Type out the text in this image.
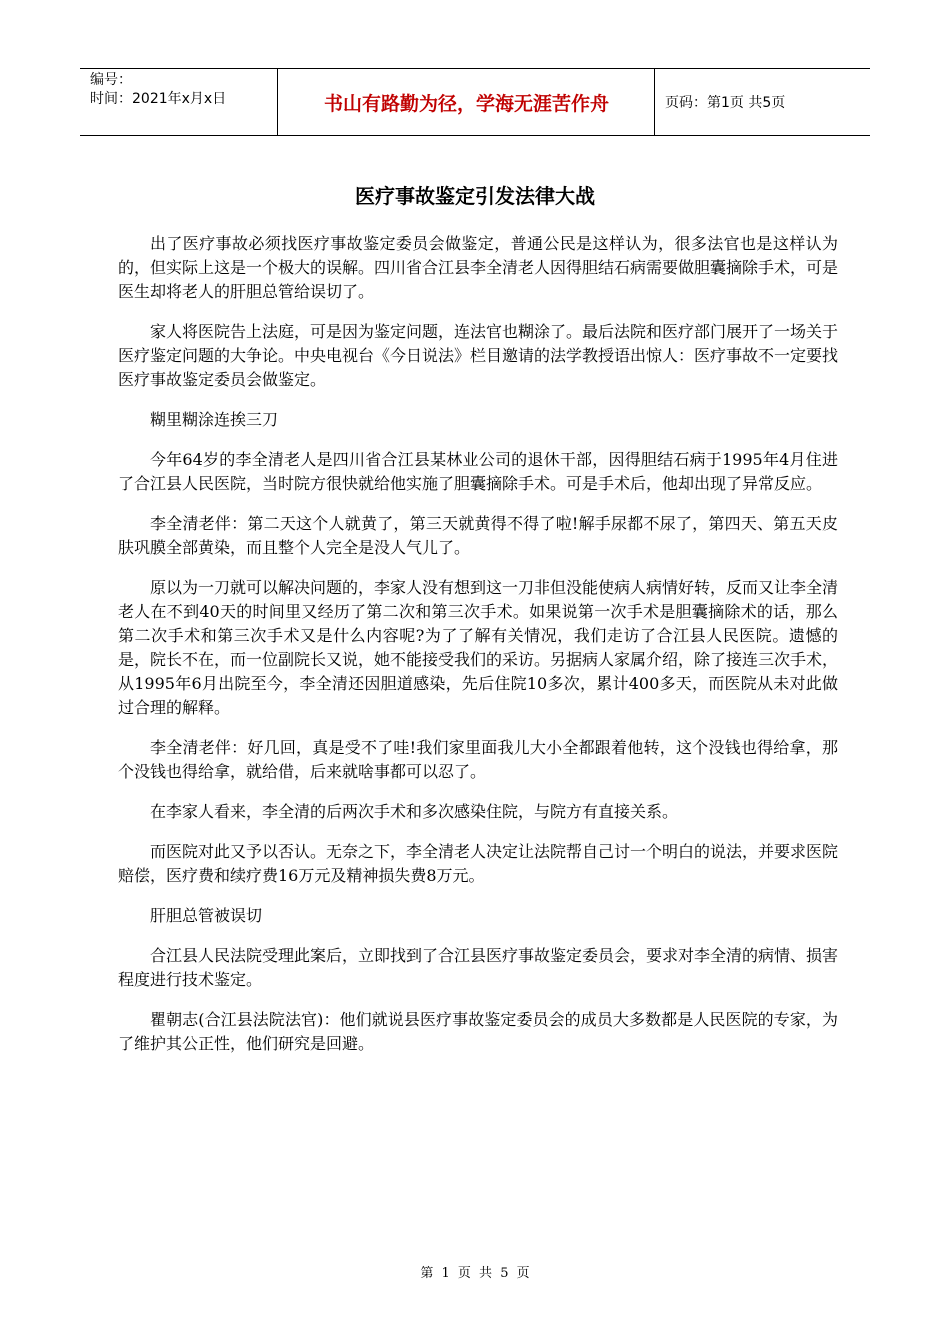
编号：
时间：2021年x月x日	书山有路勤为径，学海无涯苦作舟	页码：第1页 共5页
医疗事故鉴定引发法律大战

出了医疗事故必须找医疗事故鉴定委员会做鉴定，普通公民是这样认为，很多法官也是这样认为的，但实际上这是一个极大的误解。四川省合江县李全清老人因得胆结石病需要做胆囊摘除手术，可是医生却将老人的肝胆总管给误切了。

家人将医院告上法庭，可是因为鉴定问题，连法官也糊涂了。最后法院和医疗部门展开了一场关于医疗鉴定问题的大争论。中央电视台《今日说法》栏目邀请的法学教授语出惊人：医疗事故不一定要找医疗事故鉴定委员会做鉴定。

糊里糊涂连挨三刀

今年64岁的李全清老人是四川省合江县某林业公司的退休干部，因得胆结石病于1995年4月住进了合江县人民医院，当时院方很快就给他实施了胆囊摘除手术。可是手术后，他却出现了异常反应。

李全清老伴：第二天这个人就黄了，第三天就黄得不得了啦!解手尿都不尿了，第四天、第五天皮肤巩膜全部黄染，而且整个人完全是没人气儿了。

原以为一刀就可以解决问题的，李家人没有想到这一刀非但没能使病人病情好转，反而又让李全清老人在不到40天的时间里又经历了第二次和第三次手术。如果说第一次手术是胆囊摘除术的话，那么第二次手术和第三次手术又是什么内容呢?为了了解有关情况，我们走访了合江县人民医院。遗憾的是，院长不在，而一位副院长又说，她不能接受我们的采访。另据病人家属介绍，除了接连三次手术，从1995年6月出院至今，李全清还因胆道感染，先后住院10多次，累计400多天，而医院从未对此做过合理的解释。

李全清老伴：好几回，真是受不了哇!我们家里面我儿大小全都跟着他转，这个没钱也得给拿，那个没钱也得给拿，就给借，后来就啥事都可以忍了。

在李家人看来，李全清的后两次手术和多次感染住院，与院方有直接关系。

而医院对此又予以否认。无奈之下，李全清老人决定让法院帮自己讨一个明白的说法，并要求医院赔偿，医疗费和续疗费16万元及精神损失费8万元。

肝胆总管被误切

合江县人民法院受理此案后，立即找到了合江县医疗事故鉴定委员会，要求对李全清的病情、损害程度进行技术鉴定。

瞿朝志(合江县法院法官)：他们就说县医疗事故鉴定委员会的成员大多数都是人民医院的专家，为了维护其公正性，他们研究是回避。

第 1 页 共 5 页
